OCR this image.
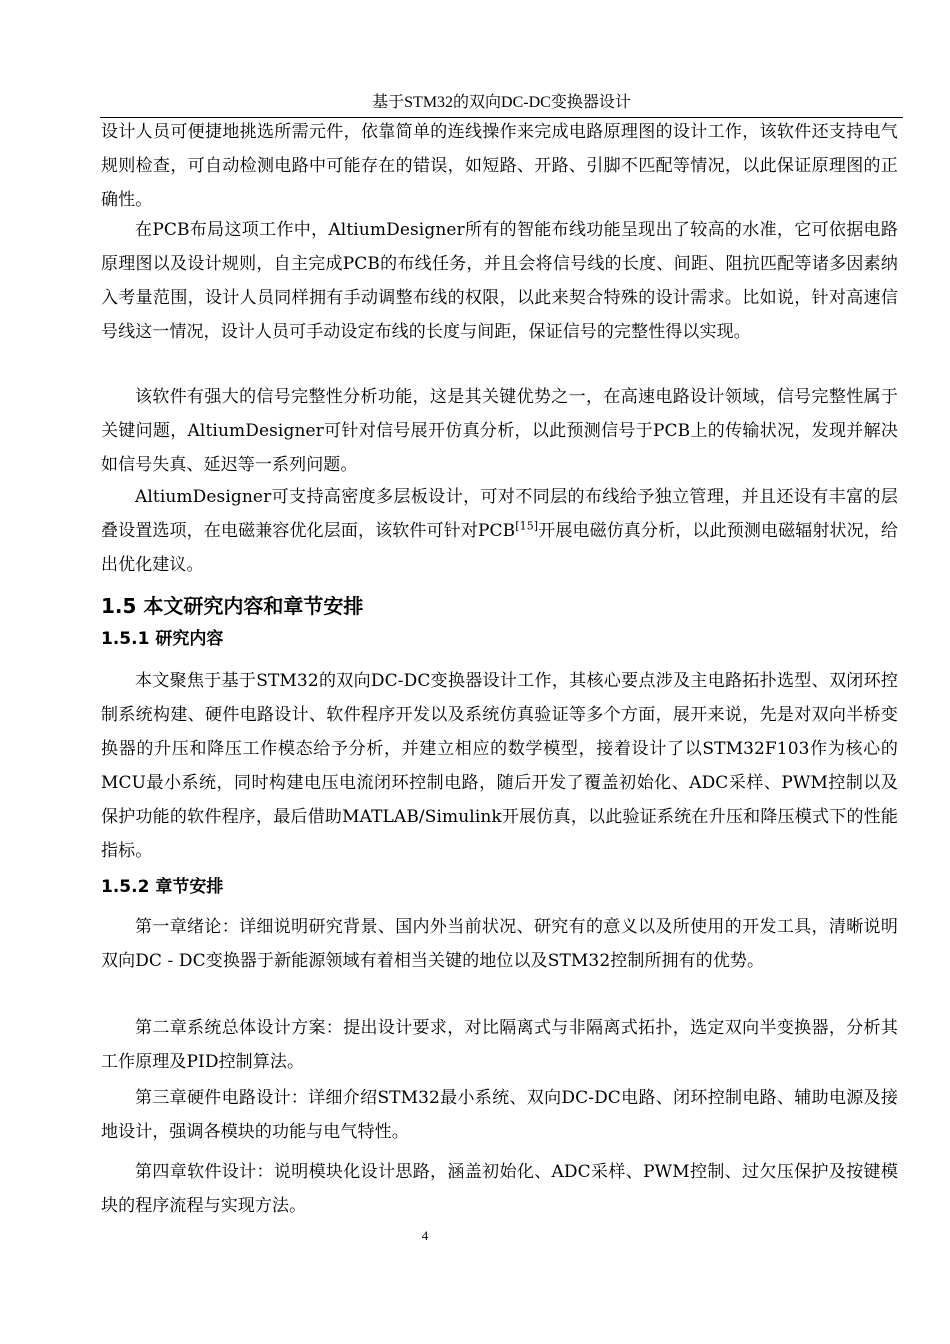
基于STM32的双向DC-DC变换器设计

设计人员可便捷地挑选所需元件，依靠简单的连线操作来完成电路原理图的设计工作，该软件还支持电气规则检查，可自动检测电路中可能存在的错误，如短路、开路、引脚不匹配等情况，以此保证原理图的正确性。

在PCB布局这项工作中，AltiumDesigner所有的智能布线功能呈现出了较高的水准，它可依据电路原理图以及设计规则，自主完成PCB的布线任务，并且会将信号线的长度、间距、阻抗匹配等诸多因素纳入考量范围，设计人员同样拥有手动调整布线的权限，以此来契合特殊的设计需求。比如说，针对高速信号线这一情况，设计人员可手动设定布线的长度与间距，保证信号的完整性得以实现。

该软件有强大的信号完整性分析功能，这是其关键优势之一，在高速电路设计领域，信号完整性属于关键问题，AltiumDesigner可针对信号展开仿真分析，以此预测信号于PCB上的传输状况，发现并解决如信号失真、延迟等一系列问题。

AltiumDesigner可支持高密度多层板设计，可对不同层的布线给予独立管理，并且还设有丰富的层叠设置选项，在电磁兼容优化层面，该软件可针对PCB[15]开展电磁仿真分析，以此预测电磁辐射状况，给出优化建议。

1.5 本文研究内容和章节安排
1.5.1 研究内容

本文聚焦于基于STM32的双向DC-DC变换器设计工作，其核心要点涉及主电路拓扑选型、双闭环控制系统构建、硬件电路设计、软件程序开发以及系统仿真验证等多个方面，展开来说，先是对双向半桥变换器的升压和降压工作模态给予分析，并建立相应的数学模型，接着设计了以STM32F103作为核心的MCU最小系统，同时构建电压电流闭环控制电路，随后开发了覆盖初始化、ADC采样、PWM控制以及保护功能的软件程序，最后借助MATLAB/Simulink开展仿真，以此验证系统在升压和降压模式下的性能指标。

1.5.2 章节安排

第一章绪论：详细说明研究背景、国内外当前状况、研究有的意义以及所使用的开发工具，清晰说明双向DC - DC变换器于新能源领域有着相当关键的地位以及STM32控制所拥有的优势。

第二章系统总体设计方案：提出设计要求，对比隔离式与非隔离式拓扑，选定双向半变换器，分析其工作原理及PID控制算法。

第三章硬件电路设计：详细介绍STM32最小系统、双向DC-DC电路、闭环控制电路、辅助电源及接地设计，强调各模块的功能与电气特性。

第四章软件设计：说明模块化设计思路，涵盖初始化、ADC采样、PWM控制、过欠压保护及按键模块的程序流程与实现方法。

4
